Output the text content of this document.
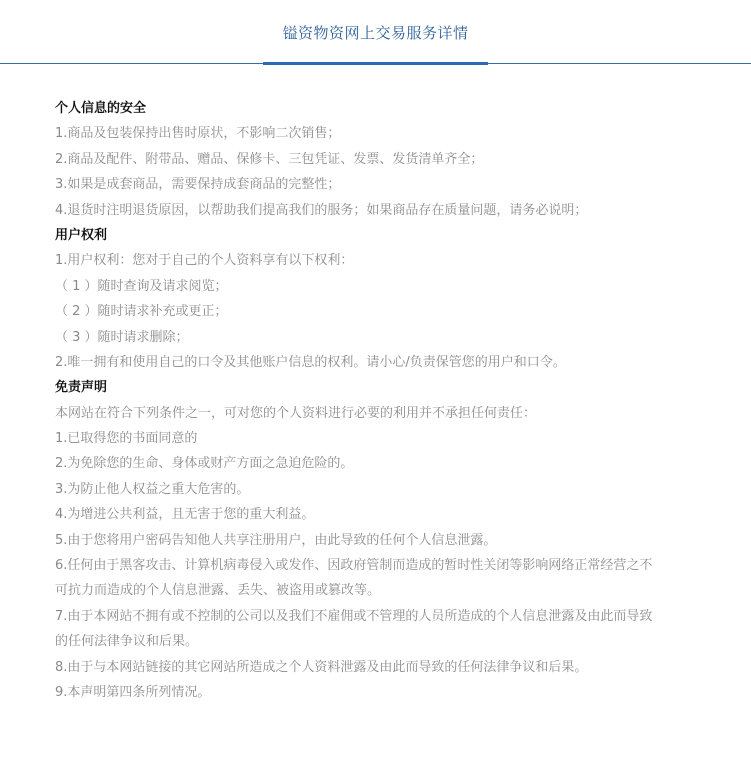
镒资物资网上交易服务详情
个人信息的安全
1.商品及包装保持出售时原状，不影响二次销售；
2.商品及配件、附带品、赠品、保修卡、三包凭证、发票、发货清单齐全；
3.如果是成套商品，需要保持成套商品的完整性；
4.退货时注明退货原因，以帮助我们提高我们的服务；如果商品存在质量问题，请务必说明；
用户权利
1.用户权利：您对于自己的个人资料享有以下权利：
（ 1 ）随时查询及请求阅览；
（ 2 ）随时请求补充或更正；
（ 3 ）随时请求删除；
2.唯一拥有和使用自己的口令及其他账户信息的权利。请小心/负责保管您的用户和口令。
免责声明
本网站在符合下列条件之一，可对您的个人资料进行必要的利用并不承担任何责任：
1.已取得您的书面同意的
2.为免除您的生命、身体或财产方面之急迫危险的。
3.为防止他人权益之重大危害的。
4.为增进公共利益，且无害于您的重大利益。
5.由于您将用户密码告知他人共享注册用户，由此导致的任何个人信息泄露。
6.任何由于黑客攻击、计算机病毒侵入或发作、因政府管制而造成的暂时性关闭等影响网络正常经营之不
可抗力而造成的个人信息泄露、丢失、被盗用或篡改等。
7.由于本网站不拥有或不控制的公司以及我们不雇佣或不管理的人员所造成的个人信息泄露及由此而导致
的任何法律争议和后果。
8.由于与本网站链接的其它网站所造成之个人资料泄露及由此而导致的任何法律争议和后果。
9.本声明第四条所列情况。
